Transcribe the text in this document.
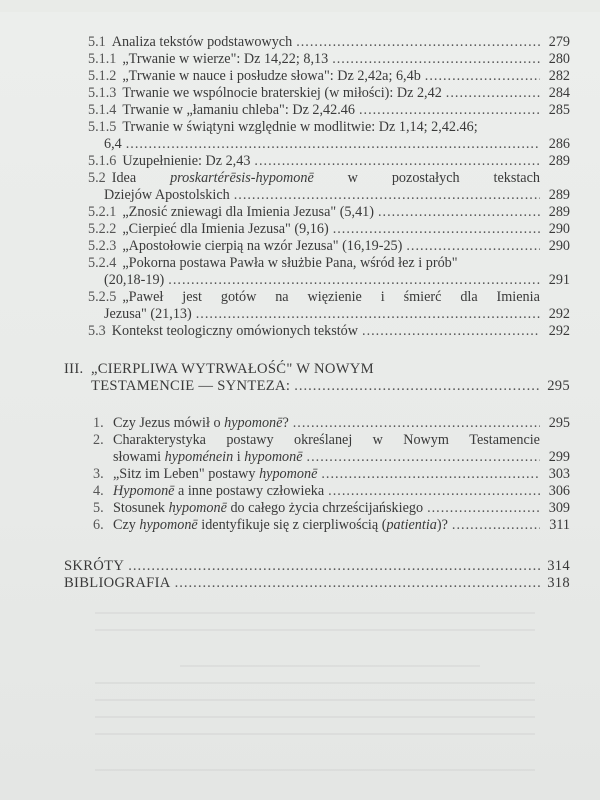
5.1 Analiza tekstów podstawowych .....	279
5.1.1 „Trwanie w wierze": Dz 14,22; 8,13 .....	280
5.1.2 „Trwanie w nauce i posłudze słowa": Dz 2,42a; 6,4b .....	282
5.1.3 Trwanie we wspólnocie braterskiej (w miłości): Dz 2,42 .....	284
5.1.4 Trwanie w „łamaniu chleba": Dz 2,42.46 .....	285
5.1.5 Trwanie w świątyni względnie w modlitwie: Dz 1,14; 2,42.46;
6,4 .....	286
5.1.6 Uzupełnienie: Dz 2,43 .....	289
5.2 Idea proskartérēsis-hypomonē w pozostałych tekstach
Dziejów Apostolskich .....	289
5.2.1 „Znosić zniewagi dla Imienia Jezusa" (5,41) .....	289
5.2.2 „Cierpieć dla Imienia Jezusa" (9,16) .....	290
5.2.3 „Apostołowie cierpią na wzór Jezusa" (16,19-25) .....	290
5.2.4 „Pokorna postawa Pawła w służbie Pana, wśród łez i prób"
(20,18-19) .....	291
5.2.5 „Paweł jest gotów na więzienie i śmierć dla Imienia
Jezusa" (21,13) .....	292
5.3 Kontekst teologiczny omówionych tekstów .....	292
III. „CIERPLIWA WYTRWAŁOŚĆ" W NOWYM
TESTAMENCIE — SYNTEZA: .....	295
1. Czy Jezus mówił o hypomonē? .....	295
2. Charakterystyka postawy określanej w Nowym Testamencie
słowami hypoménein i hypomonē .....	299
3. „Sitz im Leben" postawy hypomonē .....	303
4. Hypomonē a inne postawy człowieka .....	306
5. Stosunek hypomonē do całego życia chrześcijańskiego .....	309
6. Czy hypomonē identyfikuje się z cierpliwością (patientia)? .....	311
SKRÓTY .....	314
BIBLIOGRAFIA .....	318
